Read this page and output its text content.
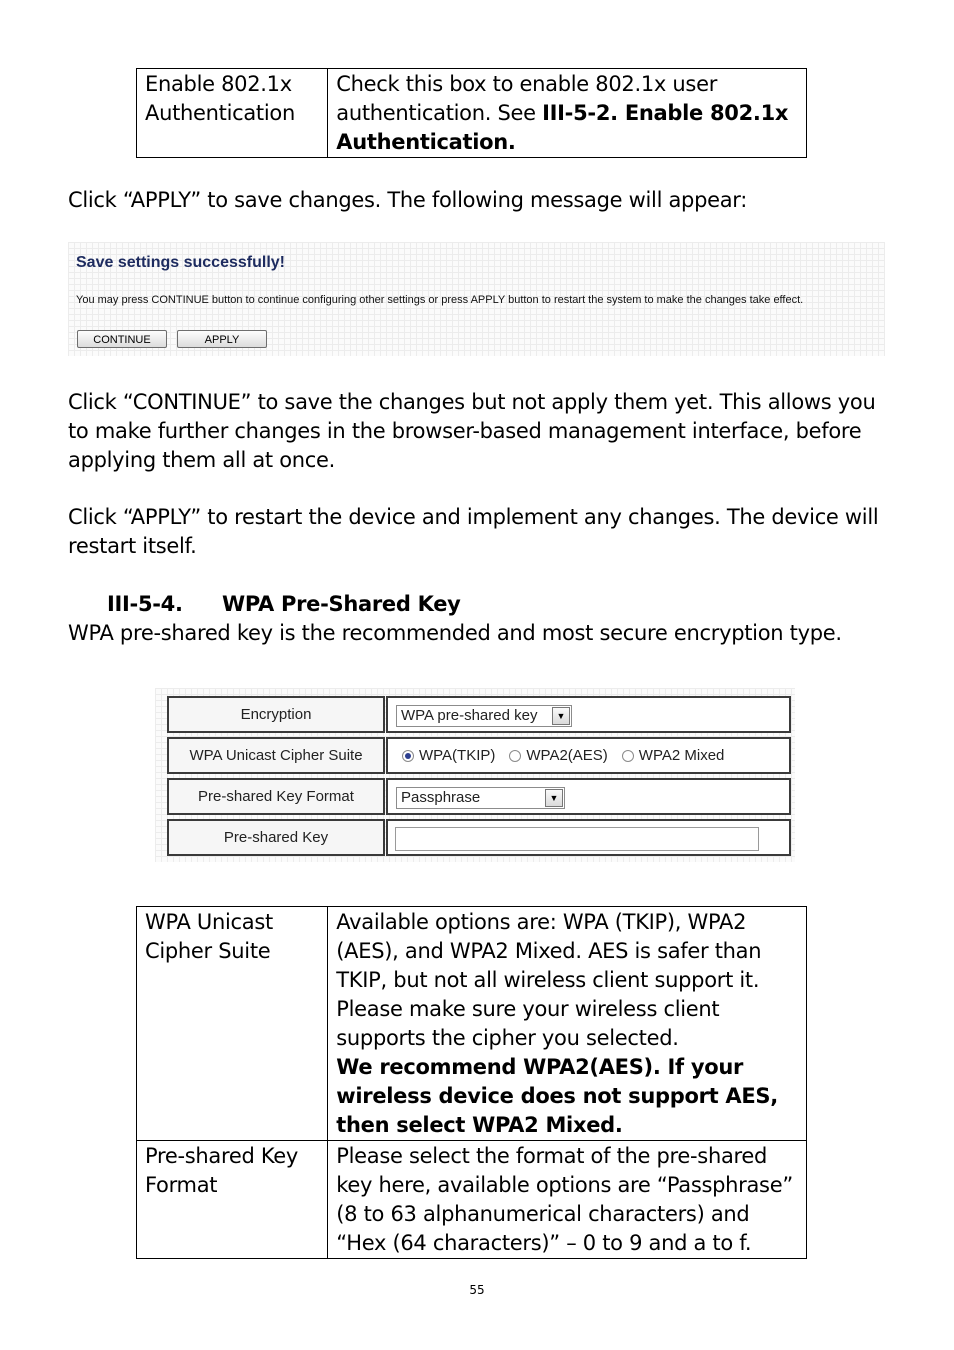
Enable 802.1x Authentication	Check this box to enable 802.1x user authentication. See III-5-2. Enable 802.1x Authentication.
Click “APPLY” to save changes. The following message will appear:
Save settings successfully!
You may press CONTINUE button to continue configuring other settings or press APPLY button to restart the system to make the changes take effect.
CONTINUE	APPLY
Click “CONTINUE” to save the changes but not apply them yet. This allows you to make further changes in the browser-based management interface, before applying them all at once.
Click “APPLY” to restart the device and implement any changes. The device will restart itself.
III-5-4. WPA Pre-Shared Key
WPA pre-shared key is the recommended and most secure encryption type.
Encryption	WPA pre-shared key	▼
WPA Unicast Cipher Suite	WPA(TKIP) WPA2(AES) WPA2 Mixed
Pre-shared Key Format	Passphrase	▼
Pre-shared Key
WPA Unicast Cipher Suite	Available options are: WPA (TKIP), WPA2 (AES), and WPA2 Mixed. AES is safer than TKIP, but not all wireless client support it. Please make sure your wireless client supports the cipher you selected.
We recommend WPA2(AES). If your wireless device does not support AES, then select WPA2 Mixed.
Pre-shared Key Format	Please select the format of the pre-shared key here, available options are “Passphrase” (8 to 63 alphanumerical characters) and “Hex (64 characters)” – 0 to 9 and a to f.
55
